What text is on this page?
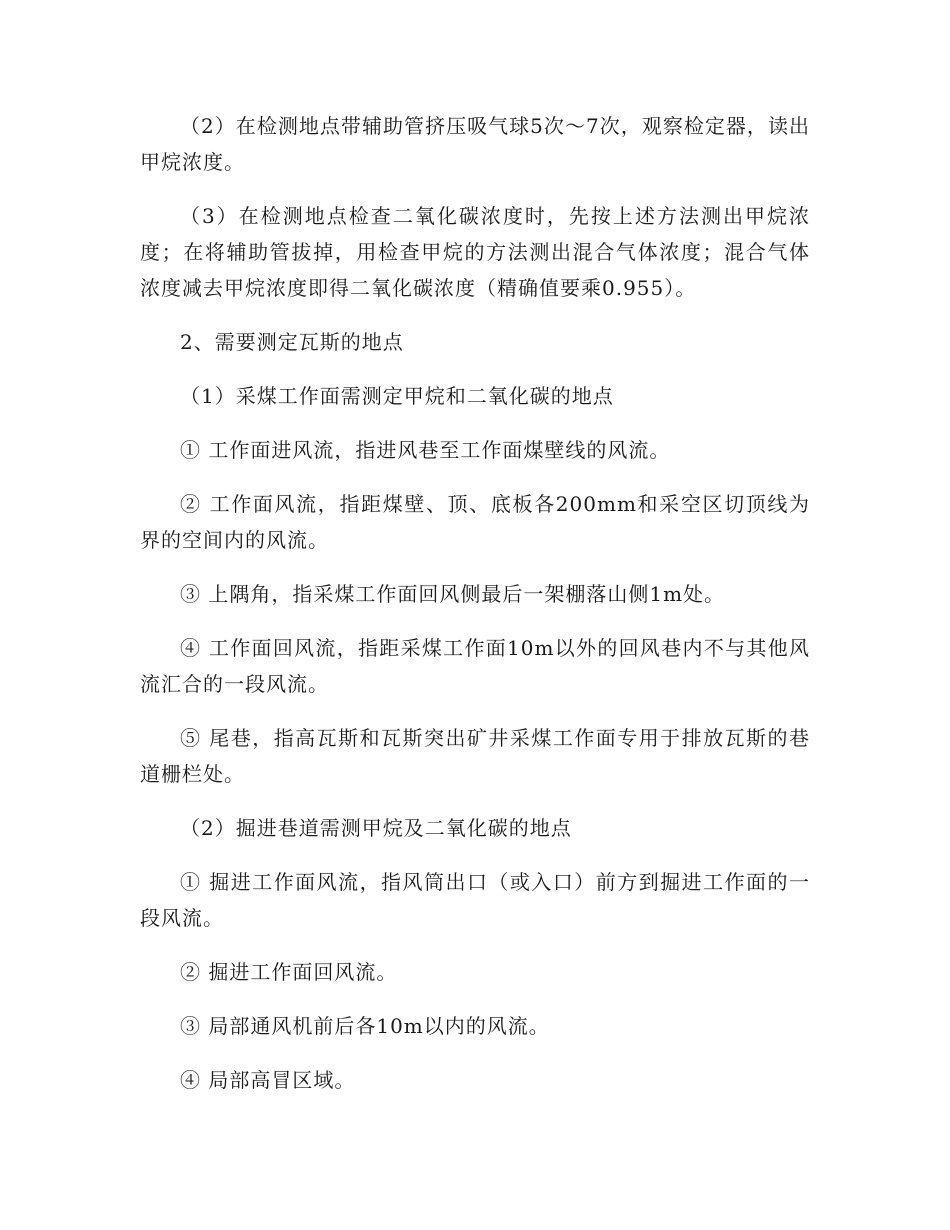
（2）在检测地点带辅助管挤压吸气球5次～7次，观察检定器，读出甲烷浓度。

（3）在检测地点检查二氧化碳浓度时，先按上述方法测出甲烷浓度；在将辅助管拔掉，用检查甲烷的方法测出混合气体浓度；混合气体浓度减去甲烷浓度即得二氧化碳浓度（精确值要乘0.955）。

2、需要测定瓦斯的地点

（1）采煤工作面需测定甲烷和二氧化碳的地点

① 工作面进风流，指进风巷至工作面煤壁线的风流。

② 工作面风流，指距煤壁、顶、底板各200mm和采空区切顶线为界的空间内的风流。

③ 上隅角，指采煤工作面回风侧最后一架棚落山侧1m处。

④ 工作面回风流，指距采煤工作面10m以外的回风巷内不与其他风流汇合的一段风流。

⑤ 尾巷，指高瓦斯和瓦斯突出矿井采煤工作面专用于排放瓦斯的巷道栅栏处。

（2）掘进巷道需测甲烷及二氧化碳的地点

① 掘进工作面风流，指风筒出口（或入口）前方到掘进工作面的一段风流。

② 掘进工作面回风流。

③ 局部通风机前后各10m以内的风流。

④ 局部高冒区域。
